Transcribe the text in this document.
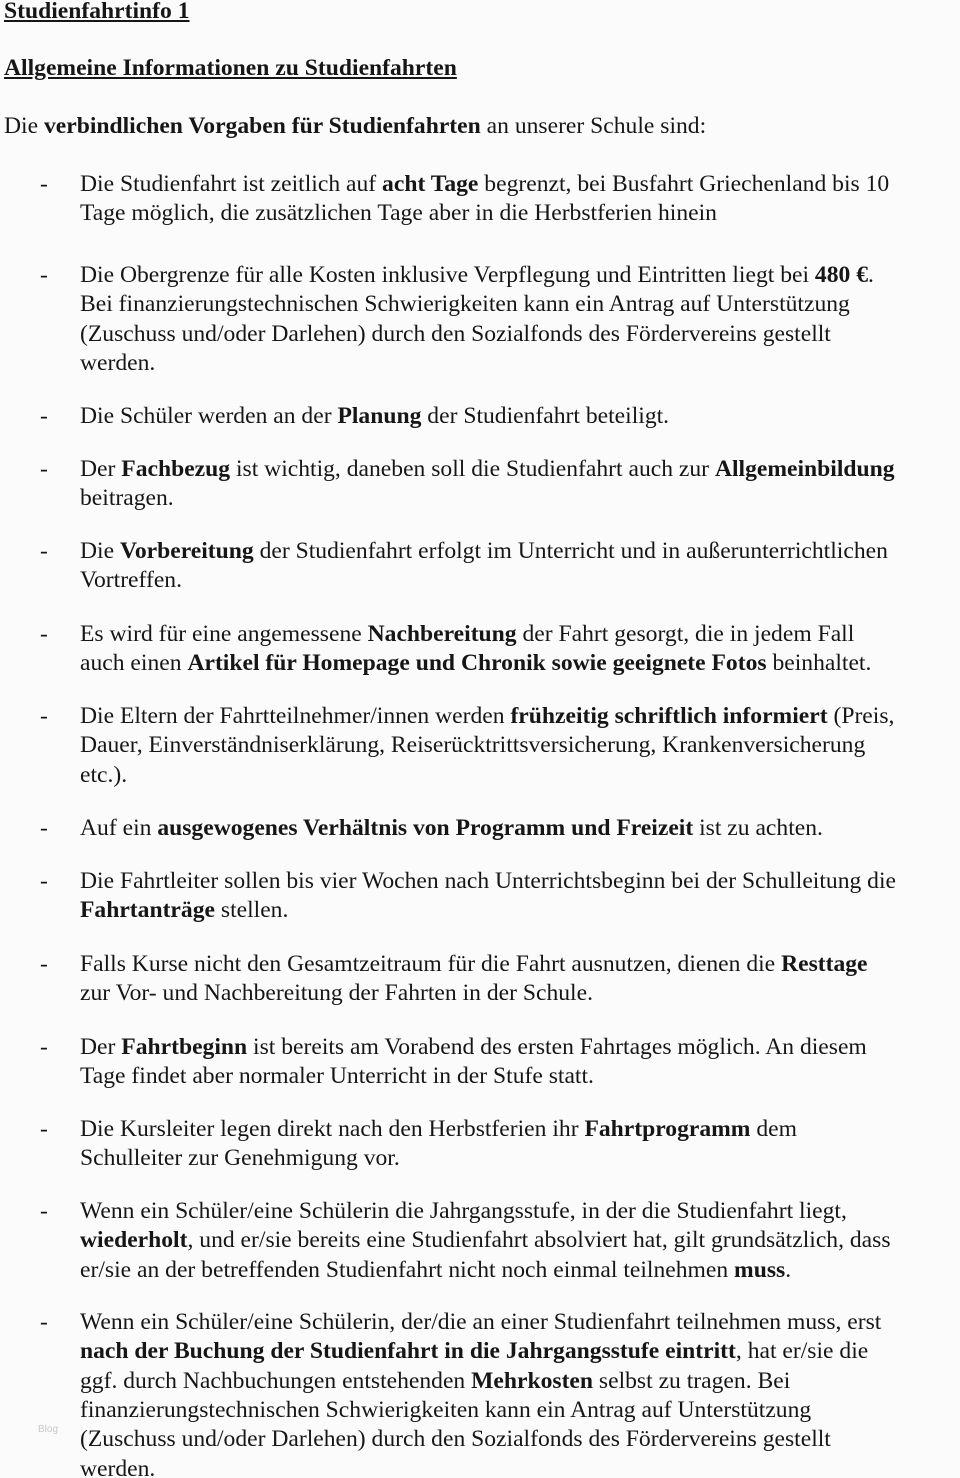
Studienfahrtinfo 1
Allgemeine Informationen zu Studienfahrten

Die verbindlichen Vorgaben für Studienfahrten an unserer Schule sind:

- Die Studienfahrt ist zeitlich auf acht Tage begrenzt, bei Busfahrt Griechenland bis 10
Tage möglich, die zusätzlichen Tage aber in die Herbstferien hinein
- Die Obergrenze für alle Kosten inklusive Verpflegung und Eintritten liegt bei 480 €.
Bei finanzierungstechnischen Schwierigkeiten kann ein Antrag auf Unterstützung
(Zuschuss und/oder Darlehen) durch den Sozialfonds des Fördervereins gestellt
werden.
- Die Schüler werden an der Planung der Studienfahrt beteiligt.
- Der Fachbezug ist wichtig, daneben soll die Studienfahrt auch zur Allgemeinbildung
beitragen.
- Die Vorbereitung der Studienfahrt erfolgt im Unterricht und in außerunterrichtlichen
Vortreffen.
- Es wird für eine angemessene Nachbereitung der Fahrt gesorgt, die in jedem Fall
auch einen Artikel für Homepage und Chronik sowie geeignete Fotos beinhaltet.
- Die Eltern der Fahrtteilnehmer/innen werden frühzeitig schriftlich informiert (Preis,
Dauer, Einverständniserklärung, Reiserücktrittsversicherung, Krankenversicherung
etc.).
- Auf ein ausgewogenes Verhältnis von Programm und Freizeit ist zu achten.
- Die Fahrtleiter sollen bis vier Wochen nach Unterrichtsbeginn bei der Schulleitung die
Fahrtanträge stellen.
- Falls Kurse nicht den Gesamtzeitraum für die Fahrt ausnutzen, dienen die Resttage
zur Vor- und Nachbereitung der Fahrten in der Schule.
- Der Fahrtbeginn ist bereits am Vorabend des ersten Fahrtages möglich. An diesem
Tage findet aber normaler Unterricht in der Stufe statt.
- Die Kursleiter legen direkt nach den Herbstferien ihr Fahrtprogramm dem
Schulleiter zur Genehmigung vor.
- Wenn ein Schüler/eine Schülerin die Jahrgangsstufe, in der die Studienfahrt liegt,
wiederholt, und er/sie bereits eine Studienfahrt absolviert hat, gilt grundsätzlich, dass
er/sie an der betreffenden Studienfahrt nicht noch einmal teilnehmen muss.
- Wenn ein Schüler/eine Schülerin, der/die an einer Studienfahrt teilnehmen muss, erst
nach der Buchung der Studienfahrt in die Jahrgangsstufe eintritt, hat er/sie die
ggf. durch Nachbuchungen entstehenden Mehrkosten selbst zu tragen. Bei
finanzierungstechnischen Schwierigkeiten kann ein Antrag auf Unterstützung
(Zuschuss und/oder Darlehen) durch den Sozialfonds des Fördervereins gestellt
werden.
Blog
